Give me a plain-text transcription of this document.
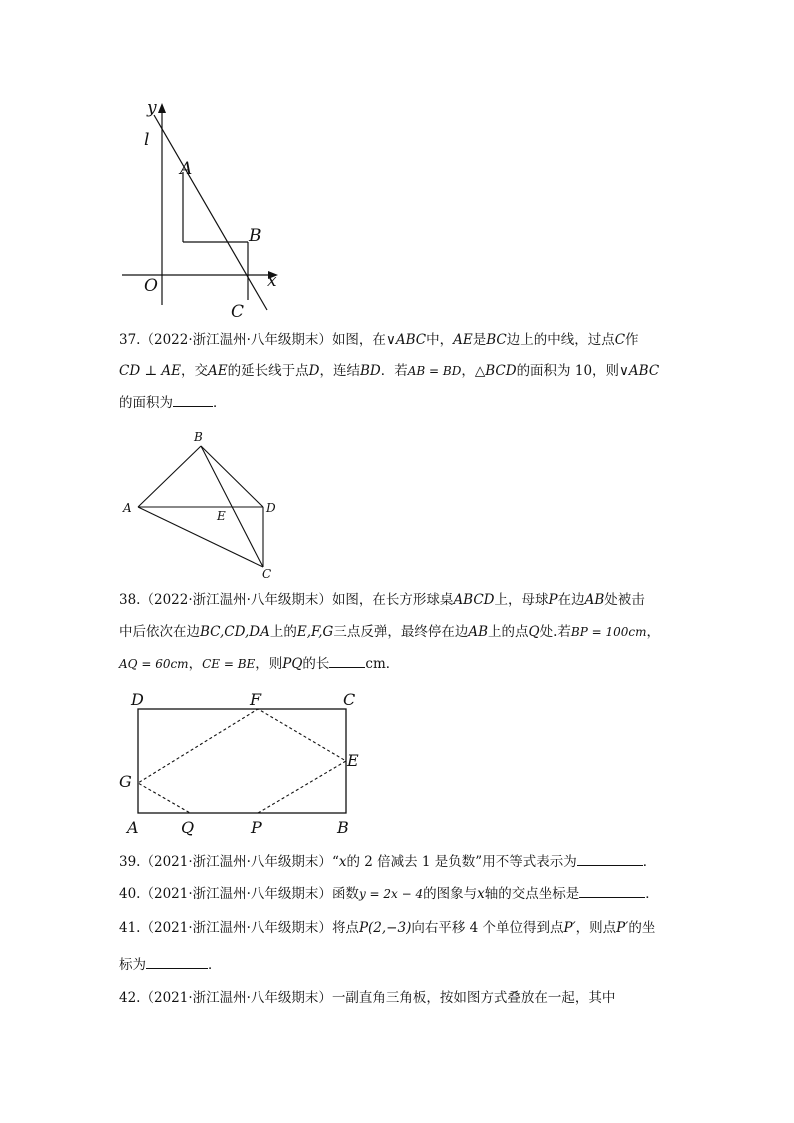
y
l
A
B
x
O
C
37.（2022·浙江温州·八年级期末）如图，在∨ABC中，AE是BC边上的中线，过点C作
CD ⊥ AE，交AE的延长线于点D，连结BD．若AB = BD，△BCD的面积为 10，则∨ABC
的面积为	．
B
A
E
D
C
38.（2022·浙江温州·八年级期末）如图，在长方形球桌ABCD上，母球P在边AB处被击
中后依次在边BC,CD,DA上的E,F,G三点反弹，最终停在边AB上的点Q处.若BP = 100cm，
AQ = 60cm，CE = BE，则PQ的长	cm．
D	F	C
G
E
A	Q	P	B
39.（2021·浙江温州·八年级期末）“x的 2 倍减去 1 是负数”用不等式表示为	．
40.（2021·浙江温州·八年级期末）函数y = 2x − 4的图象与x轴的交点坐标是	．
41.（2021·浙江温州·八年级期末）将点P(2,−3)向右平移 4 个单位得到点P′，则点P′的坐
标为	．
42.（2021·浙江温州·八年级期末）一副直角三角板，按如图方式叠放在一起，其中
